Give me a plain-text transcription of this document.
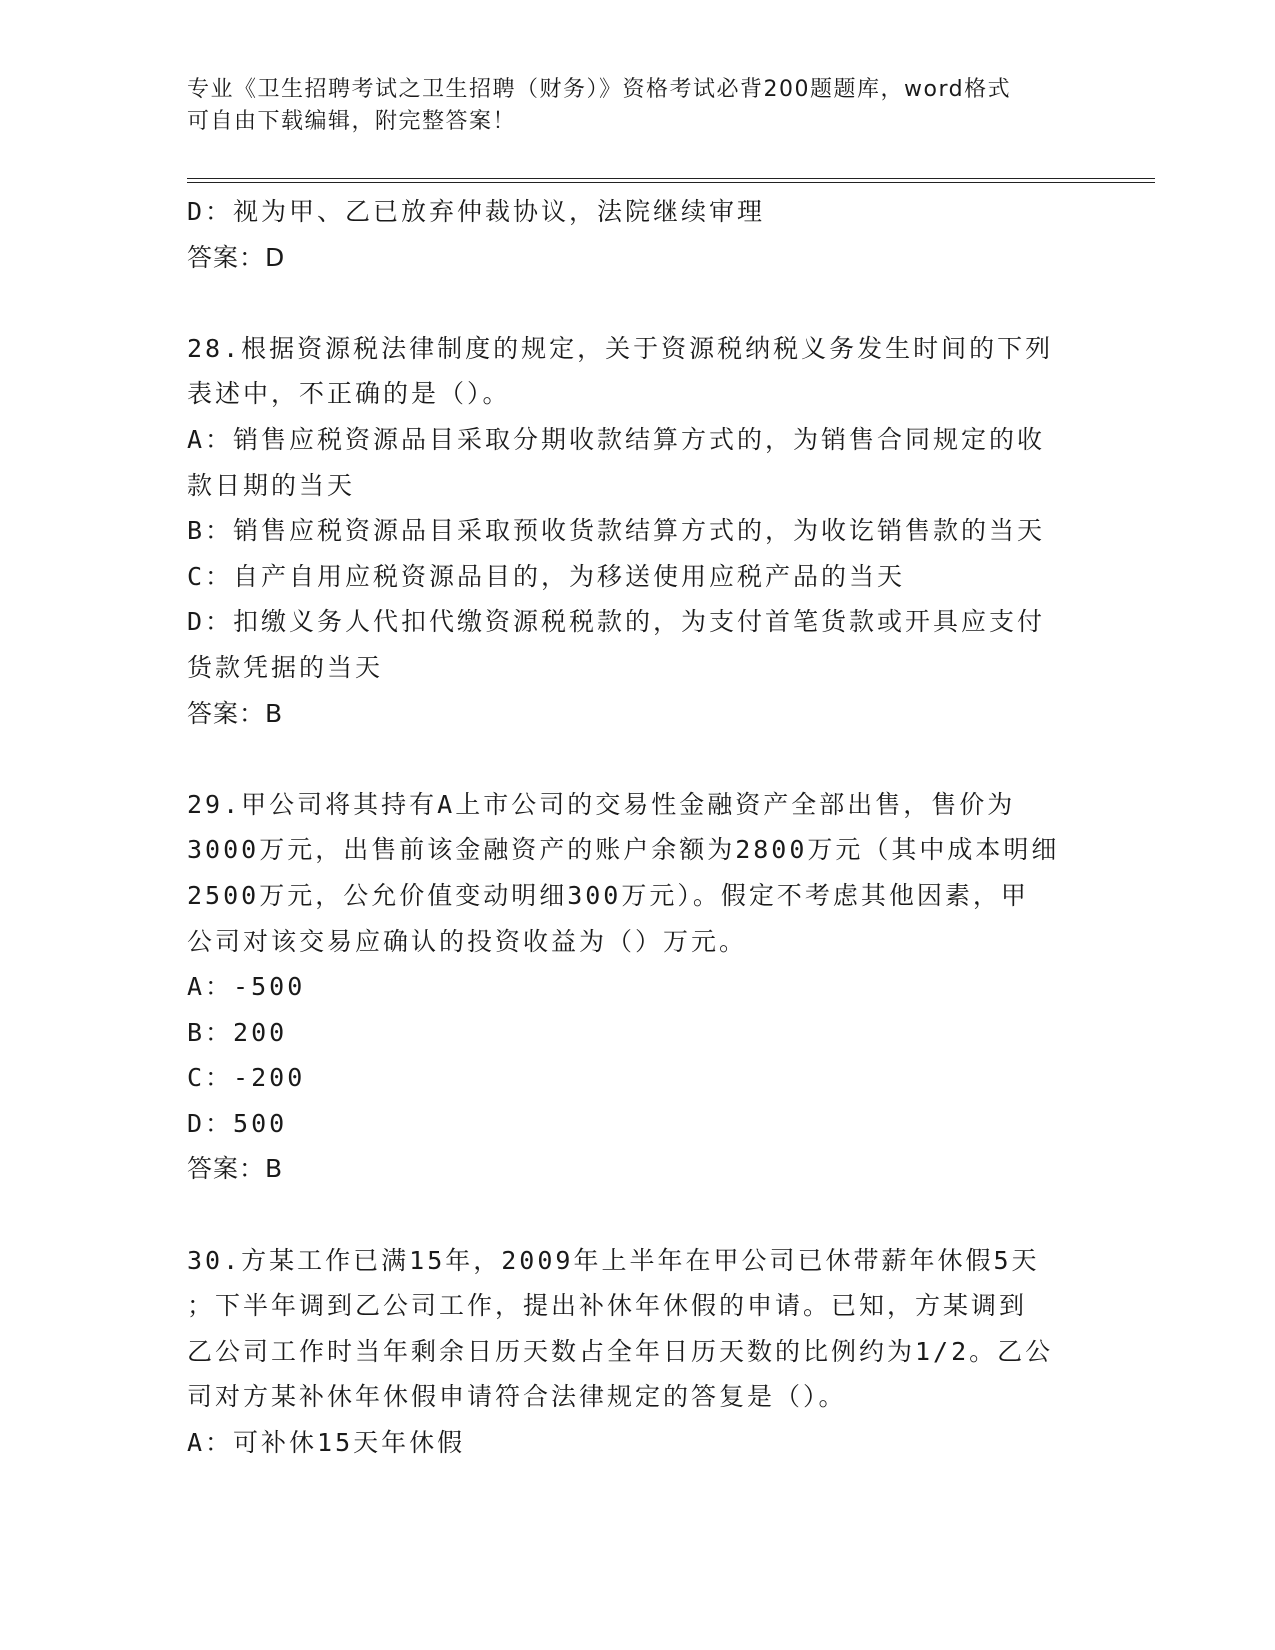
专业《卫生招聘考试之卫生招聘（财务）》资格考试必背200题题库，word格式
可自由下载编辑，附完整答案！
D：视为甲、乙已放弃仲裁协议，法院继续审理
答案：D
28.根据资源税法律制度的规定，关于资源税纳税义务发生时间的下列
表述中，不正确的是（）。
A：销售应税资源品目采取分期收款结算方式的，为销售合同规定的收
款日期的当天
B：销售应税资源品目采取预收货款结算方式的，为收讫销售款的当天
C：自产自用应税资源品目的，为移送使用应税产品的当天
D：扣缴义务人代扣代缴资源税税款的，为支付首笔货款或开具应支付
货款凭据的当天
答案：B
29.甲公司将其持有A上市公司的交易性金融资产全部出售，售价为
3000万元，出售前该金融资产的账户余额为2800万元（其中成本明细
2500万元，公允价值变动明细300万元）。假定不考虑其他因素，甲
公司对该交易应确认的投资收益为（）万元。
A：-500
B：200
C：-200
D：500
答案：B
30.方某工作已满15年，2009年上半年在甲公司已休带薪年休假5天
；下半年调到乙公司工作，提出补休年休假的申请。已知，方某调到
乙公司工作时当年剩余日历天数占全年日历天数的比例约为1/2。乙公
司对方某补休年休假申请符合法律规定的答复是（）。
A：可补休15天年休假
